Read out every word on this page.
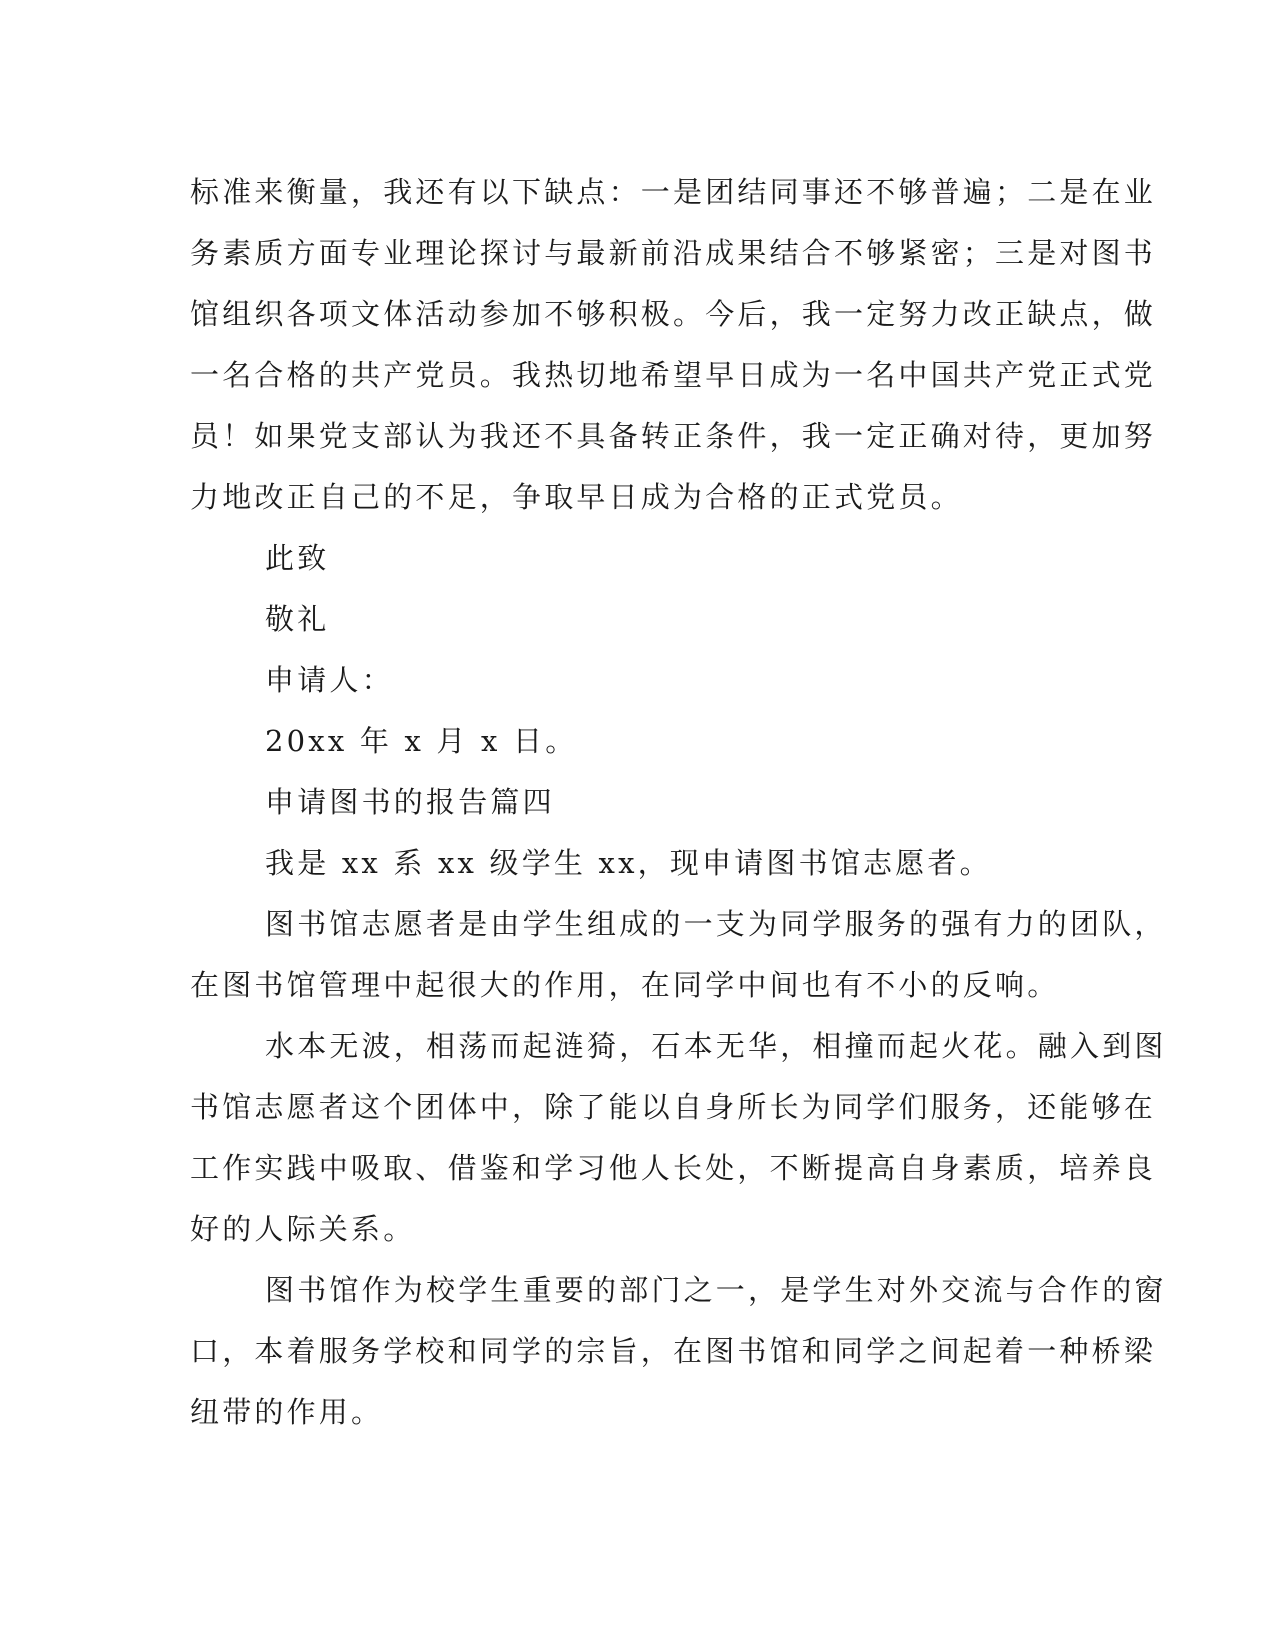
标准来衡量，我还有以下缺点：一是团结同事还不够普遍；二是在业
务素质方面专业理论探讨与最新前沿成果结合不够紧密；三是对图书
馆组织各项文体活动参加不够积极。今后，我一定努力改正缺点，做
一名合格的共产党员。我热切地希望早日成为一名中国共产党正式党
员！如果党支部认为我还不具备转正条件，我一定正确对待，更加努
力地改正自己的不足，争取早日成为合格的正式党员。
此致
敬礼
申请人：
20xx 年 x 月 x 日。
申请图书的报告篇四
我是 xx 系 xx 级学生 xx，现申请图书馆志愿者。
图书馆志愿者是由学生组成的一支为同学服务的强有力的团队，
在图书馆管理中起很大的作用，在同学中间也有不小的反响。
水本无波，相荡而起涟猗，石本无华，相撞而起火花。融入到图
书馆志愿者这个团体中，除了能以自身所长为同学们服务，还能够在
工作实践中吸取、借鉴和学习他人长处，不断提高自身素质，培养良
好的人际关系。
图书馆作为校学生重要的部门之一，是学生对外交流与合作的窗
口，本着服务学校和同学的宗旨，在图书馆和同学之间起着一种桥梁
纽带的作用。
